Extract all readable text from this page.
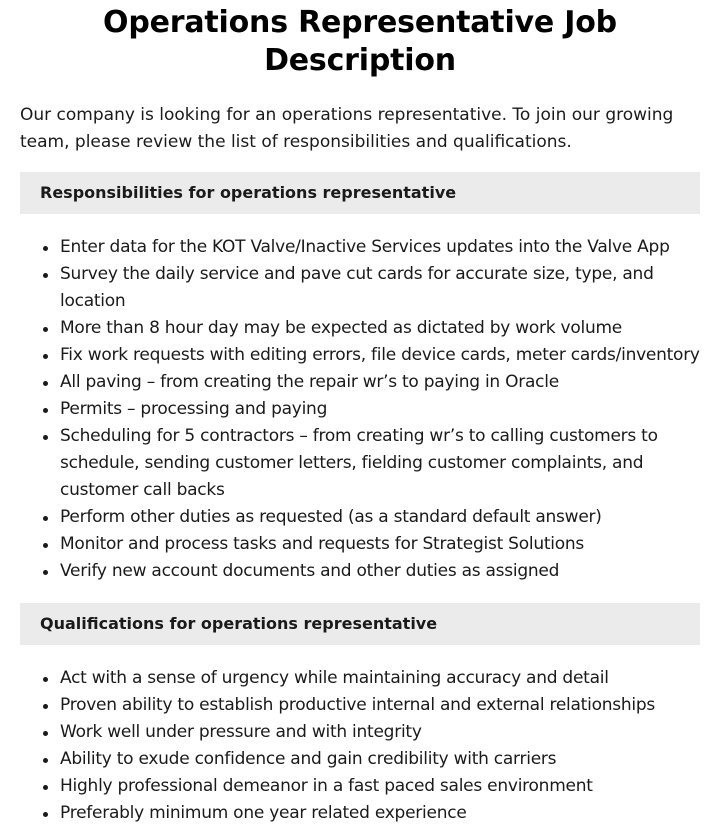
Operations Representative Job Description

Our company is looking for an operations representative. To join our growing team, please review the list of responsibilities and qualifications.

Responsibilities for operations representative
Enter data for the KOT Valve/Inactive Services updates into the Valve App
Survey the daily service and pave cut cards for accurate size, type, and location
More than 8 hour day may be expected as dictated by work volume
Fix work requests with editing errors, file device cards, meter cards/inventory
All paving – from creating the repair wr’s to paying in Oracle
Permits – processing and paying
Scheduling for 5 contractors – from creating wr’s to calling customers to schedule, sending customer letters, fielding customer complaints, and customer call backs
Perform other duties as requested (as a standard default answer)
Monitor and process tasks and requests for Strategist Solutions
Verify new account documents and other duties as assigned
Qualifications for operations representative
Act with a sense of urgency while maintaining accuracy and detail
Proven ability to establish productive internal and external relationships
Work well under pressure and with integrity
Ability to exude confidence and gain credibility with carriers
Highly professional demeanor in a fast paced sales environment
Preferably minimum one year related experience
